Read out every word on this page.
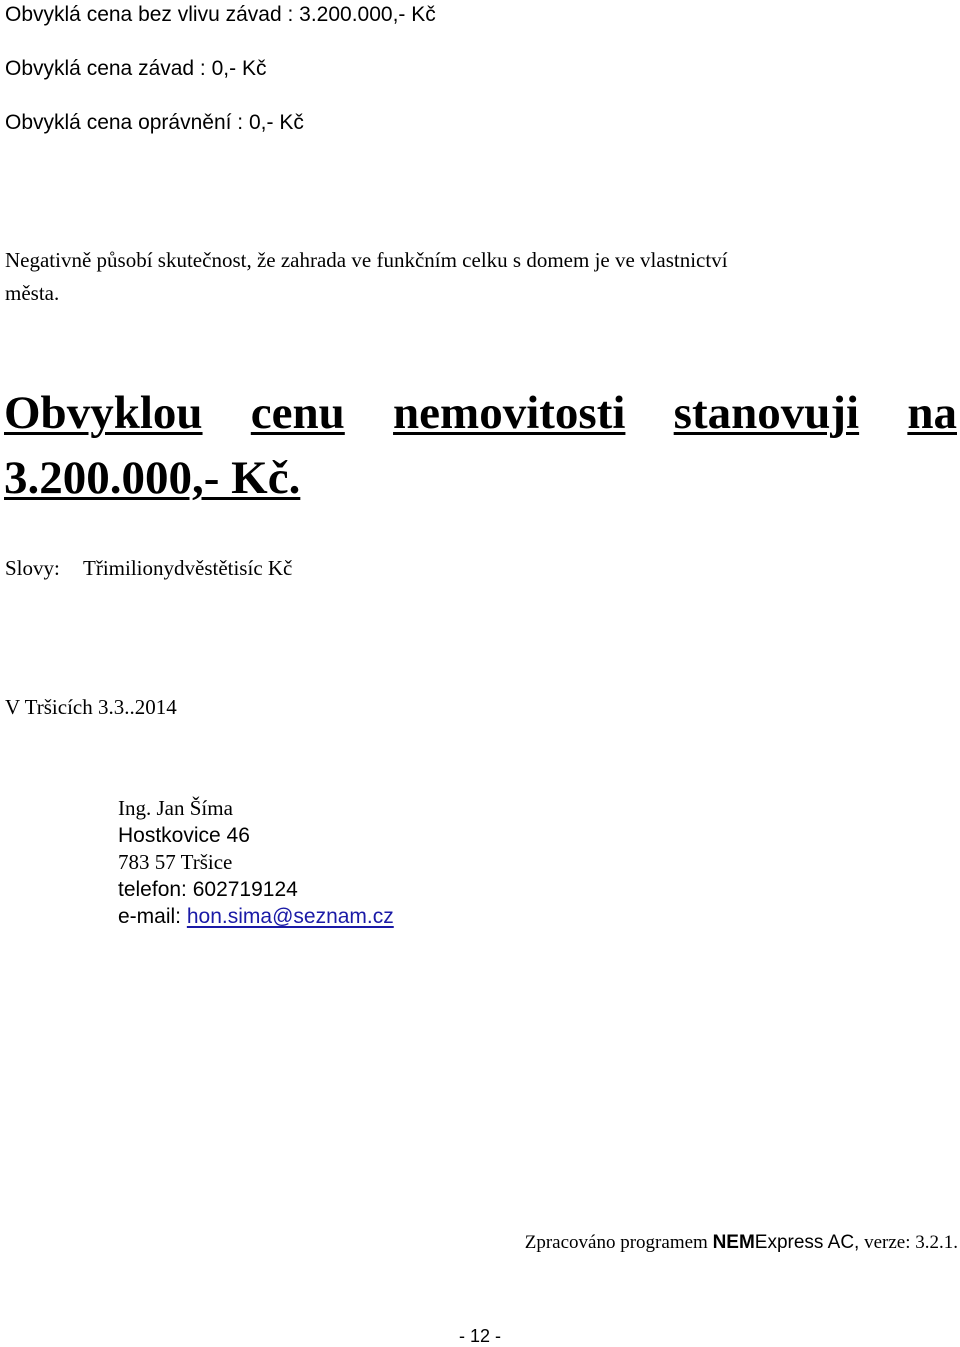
Obvyklá cena bez vlivu závad : 3.200.000,- Kč
Obvyklá cena závad : 0,- Kč
Obvyklá cena oprávnění : 0,- Kč
Negativně působí skutečnost, že zahrada ve funkčním celku s domem je ve vlastnictví
města.
Obvyklou cenu nemovitosti stanovuji na
3.200.000,- Kč.
Slovy: Třimilionydvěstětisíc Kč
V Tršicích 3.3..2014
Ing. Jan Šíma
Hostkovice 46
783 57 Tršice
telefon: 602719124
e-mail: hon.sima@seznam.cz
Zpracováno programem NEMExpress AC, verze: 3.2.1.
- 12 -
